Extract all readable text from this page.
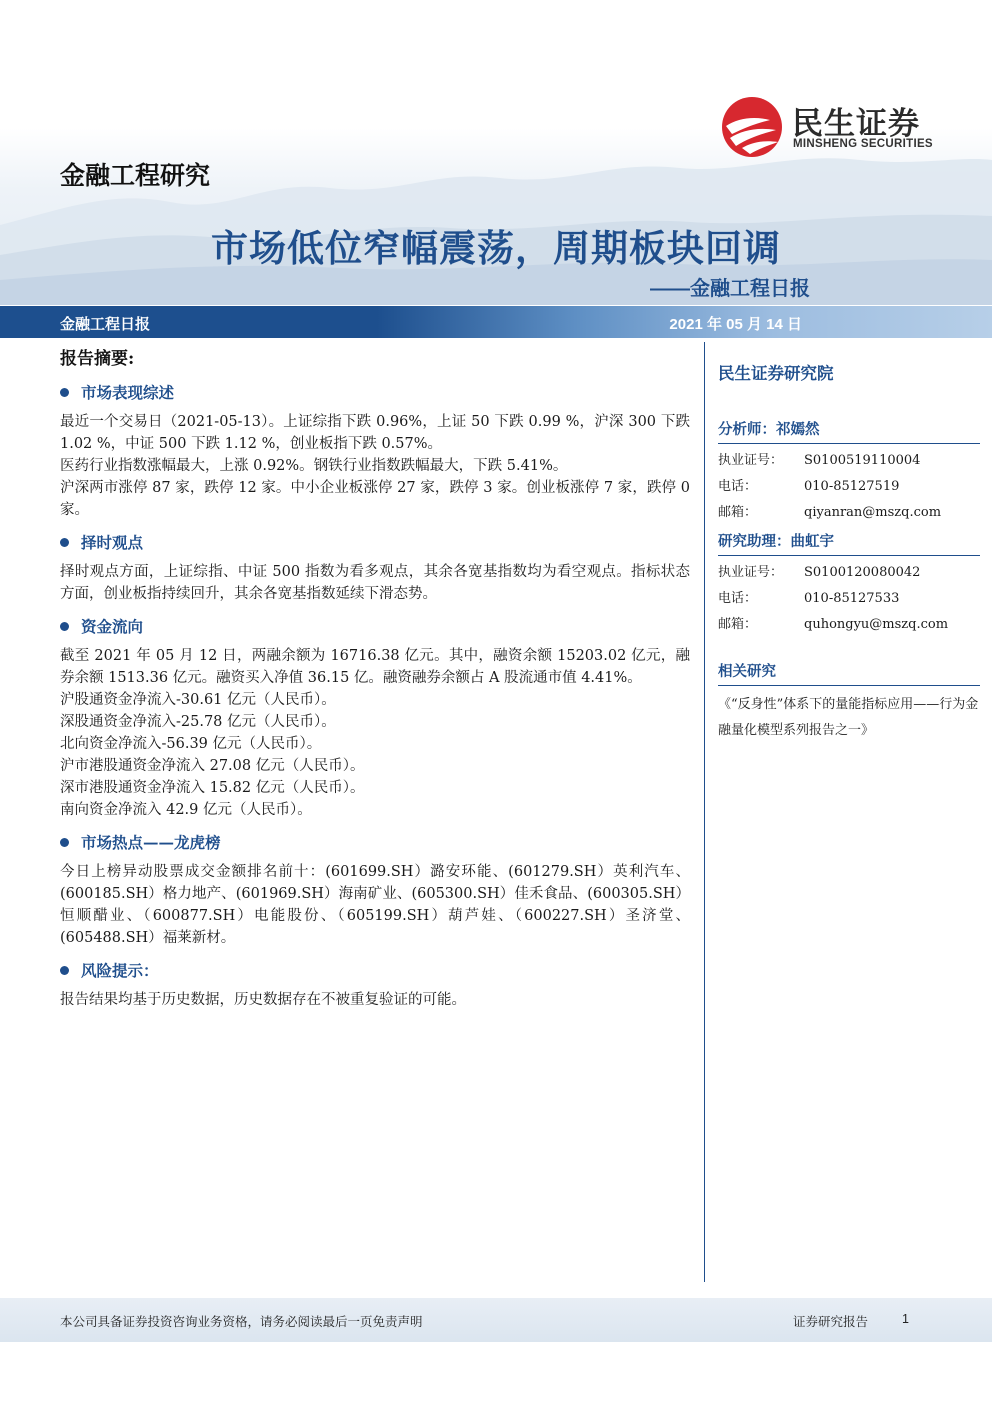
民生证券
MINSHENG SECURITIES
金融工程研究
市场低位窄幅震荡，周期板块回调
——金融工程日报
金融工程日报	2021 年 05 月 14 日
报告摘要:
市场表现综述

最近一个交易日（2021-05-13）。上证综指下跌 0.96%，上证 50 下跌 0.99 %，沪深 300 下跌 1.02 %，中证 500 下跌 1.12 %，创业板指下跌 0.57%。

医药行业指数涨幅最大，上涨 0.92%。钢铁行业指数跌幅最大，下跌 5.41%。

沪深两市涨停 87 家，跌停 12 家。中小企业板涨停 27 家，跌停 3 家。创业板涨停 7 家，跌停 0 家。

择时观点

择时观点方面，上证综指、中证 500 指数为看多观点，其余各宽基指数均为看空观点。指标状态方面，创业板指持续回升，其余各宽基指数延续下滑态势。

资金流向

截至 2021 年 05 月 12 日，两融余额为 16716.38 亿元。其中，融资余额 15203.02 亿元，融券余额 1513.36 亿元。融资买入净值 36.15 亿。融资融券余额占 A 股流通市值 4.41%。

沪股通资金净流入-30.61 亿元（人民币）。

深股通资金净流入-25.78 亿元（人民币）。

北向资金净流入-56.39 亿元（人民币）。

沪市港股通资金净流入 27.08 亿元（人民币）。

深市港股通资金净流入 15.82 亿元（人民币）。

南向资金净流入 42.9 亿元（人民币）。

市场热点——龙虎榜

今日上榜异动股票成交金额排名前十：(601699.SH）潞安环能、(601279.SH）英利汽车、(600185.SH）格力地产、(601969.SH）海南矿业、(605300.SH）佳禾食品、(600305.SH）恒顺醋业、（600877.SH）电能股份、（605199.SH）葫芦娃、（600227.SH）圣济堂、(605488.SH）福莱新材。

风险提示：

报告结果均基于历史数据，历史数据存在不被重复验证的可能。

民生证券研究院
分析师：祁嫣然
执业证号：	S0100519110004
电话：	010-85127519
邮箱：	qiyanran@mszq.com
研究助理：曲虹宇
执业证号：	S0100120080042
电话：	010-85127533
邮箱：	quhongyu@mszq.com
相关研究
《“反身性”体系下的量能指标应用——行为金融量化模型系列报告之一》
本公司具备证券投资咨询业务资格，请务必阅读最后一页免责声明	证券研究报告	1
